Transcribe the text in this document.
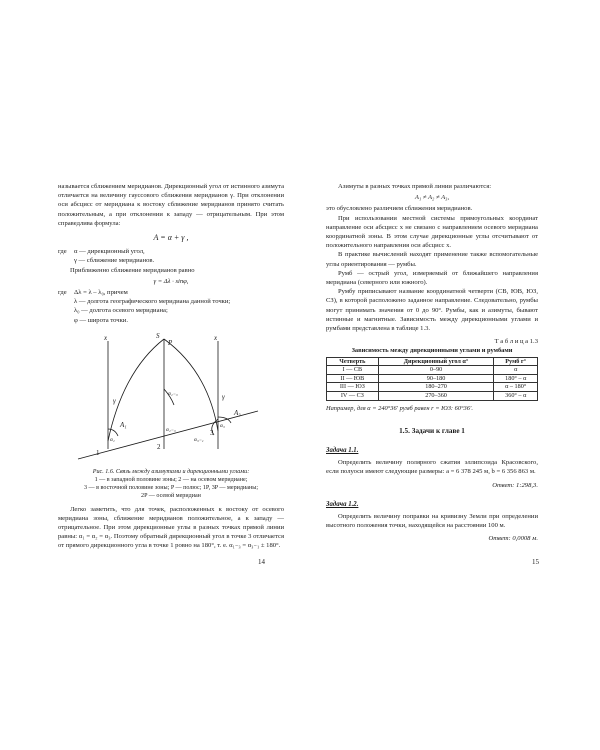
называется сближением меридианов. Дирекционный угол от истинного азимута отличается на величину гауссового сближения меридианов γ. При отклонении оси абсцисс от меридиана к востоку сближение меридианов принято считать положительным, а при отклонении к западу — отрицательным. При этом справедлива формула:

A = α + γ ,
где α — дирекционный угол,
γ — сближение меридианов.

Приближенно сближение меридианов равно

γ = Δλ · sinφ,
где Δλ = λ – λ₀, причем
λ — долгота географического меридиана данной точки;
λ₀ — долгота осевого меридиана;
φ — широта точки.
x	x
S
P
1
2
3
γ	γ
A₁
A₃
α₁
α₃
α₁₋₃
α₁₋₃
α₃₋₁
Рис. 1.6. Связь между азимутами и дирекционными углами:
1 — в западной половине зоны; 2 — на осевом меридиане;
3 — в восточной половине зоны; P — полюс; 1P, 3P — меридианы;
2P — осевой меридиан

Легко заметить, что для точек, расположенных к востоку от осевого меридиана зоны, сближение меридианов положительное, а к западу — отрицательное. При этом дирекционные углы в разных точках прямой линии равны: α₁ = α₂ = α₃. Поэтому обратный дирекционный угол в точке 3 отличается от прямого дирекционного угла в точке 1 ровно на 180°, т. е. α₁₋₃ = α₃₋₁ ± 180°.

14

Азимуты в разных точках прямой линии различаются:

A₁ ≠ A₂ ≠ A₃,

это обусловлено различием сближения меридианов.

При использовании местной системы прямоугольных координат направление оси абсцисс x не связано с направлением осевого меридиана координатной зоны. В этом случае дирекционные углы отсчитывают от положительного направления оси абсцисс x.

В практике вычислений находят применение также вспомогательные углы ориентирования — румбы.

Румб — острый угол, измеряемый от ближайшего направления меридиана (северного или южного).

Румбу приписывают название координатной четверти (СВ, ЮВ, ЮЗ, СЗ), в которой расположено заданное направление. Следовательно, румбы могут принимать значения от 0 до 90°. Румбы, как и азимуты, бывают истинные и магнитные. Зависимость между дирекционными углами и румбами представлена в таблице 1.3.

Т а б л и ц а 1.3
Зависимость между дирекционными углами и румбами
Четверть	Дирекционный угол α°	Румб r°
I — СВ	0–90	α
II — ЮВ	90–180	180° – α
III — ЮЗ	180–270	α – 180°
IV — СЗ	270–360	360° – α
Например, для α = 240°36′ румб равен r = ЮЗ: 60°36′.
1.5. Задачи к главе 1
Задача 1.1.

Определить величину полярного сжатия эллипсоида Красовского, если полуоси имеют следующие размеры: a = 6 378 245 м, b = 6 356 863 м.

Ответ: 1:298,3.
Задача 1.2.

Определить величину поправки на кривизну Земли при определении высотного положения точки, находящейся на расстоянии 100 м.

Ответ: 0,0008 м.
15
